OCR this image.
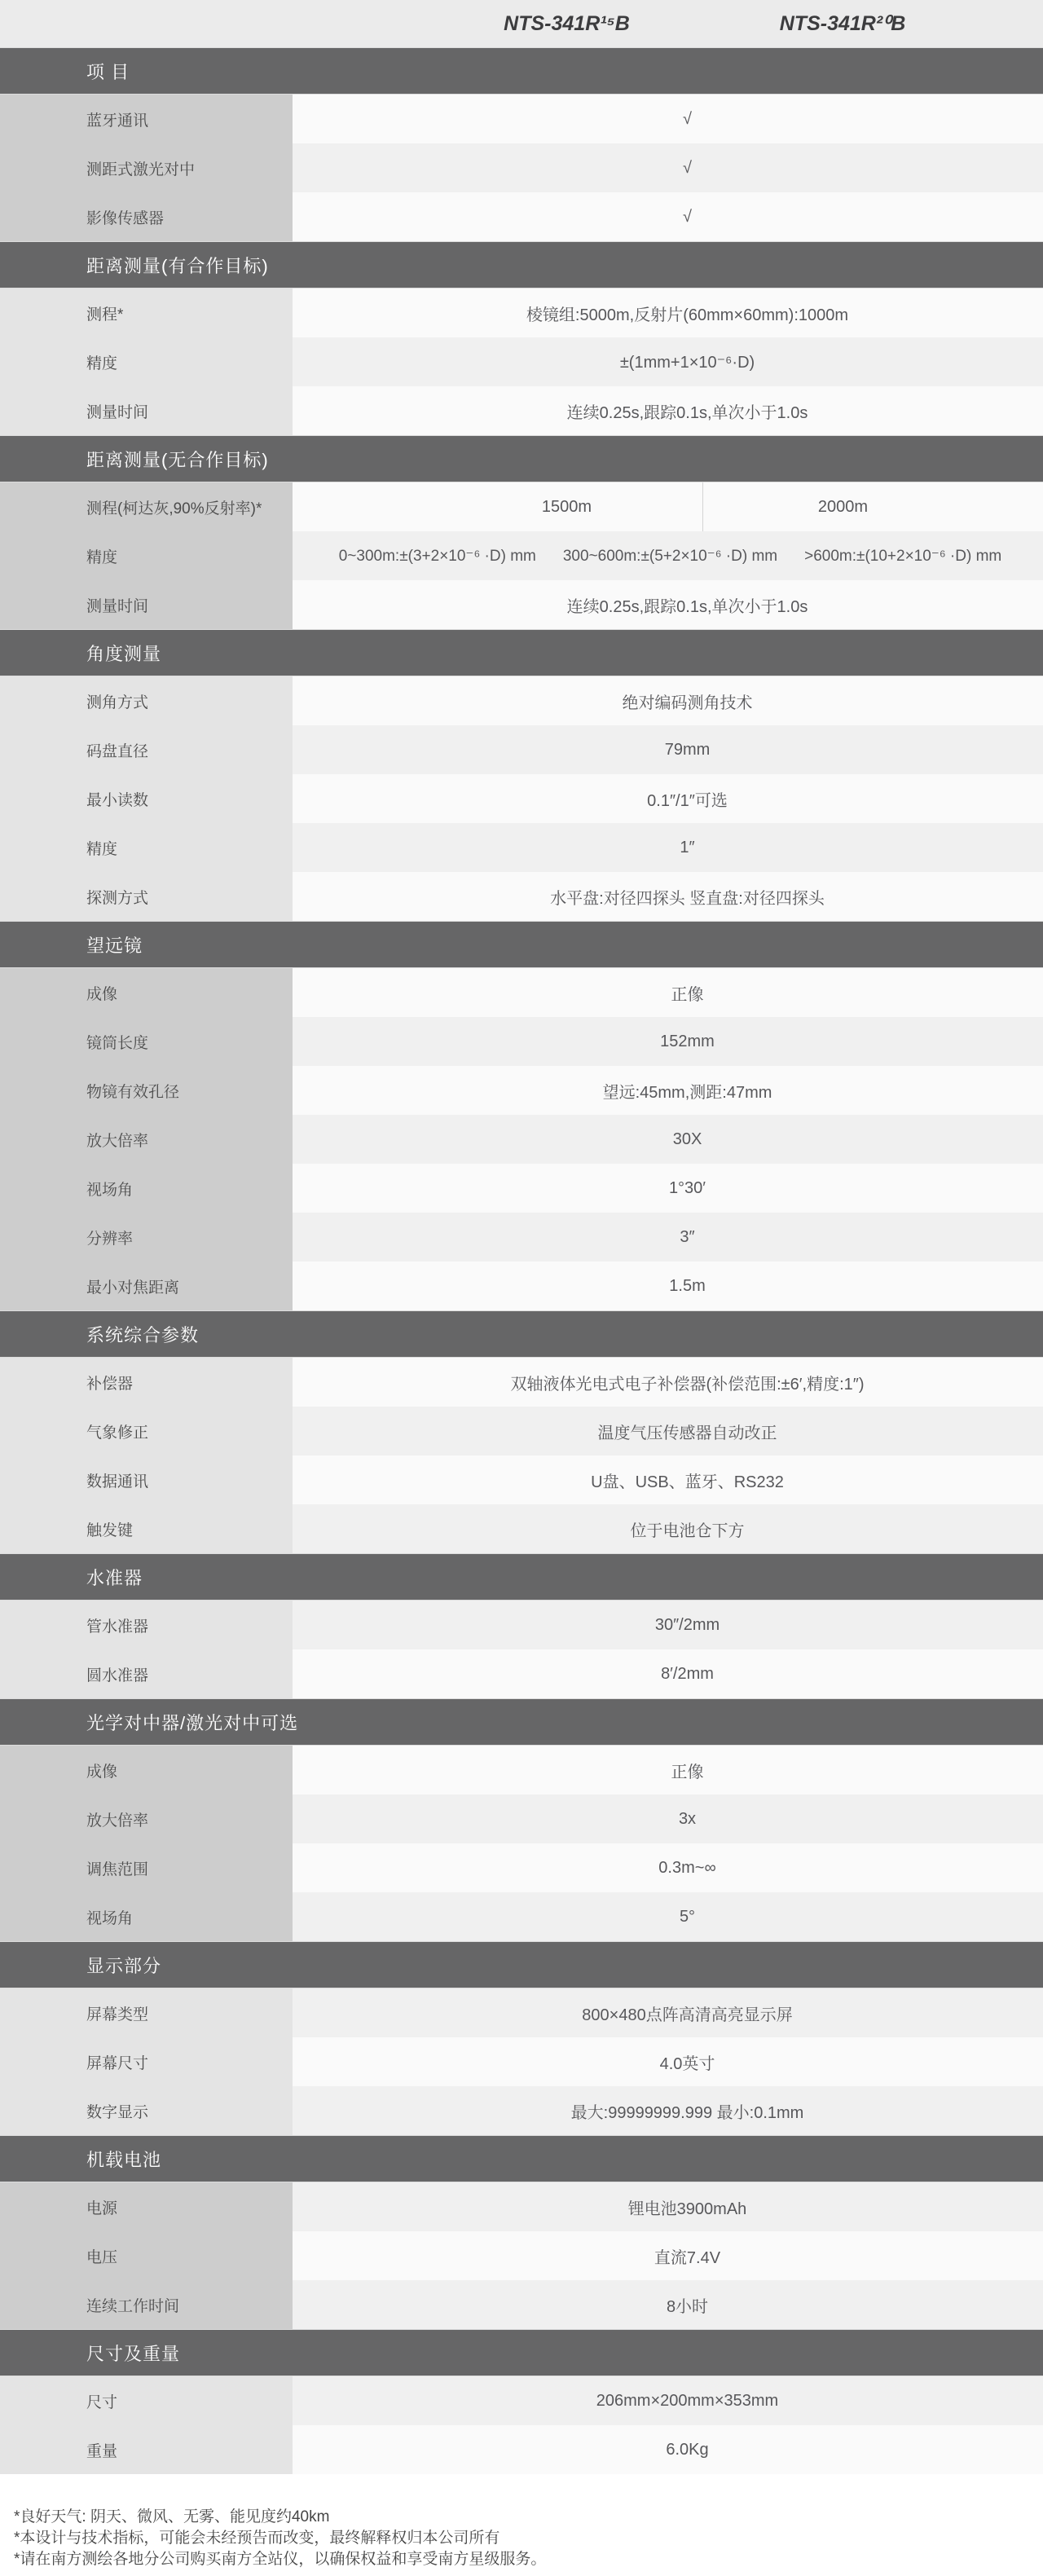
NTS-341R¹⁵B	NTS-341R²⁰B
项 目
蓝牙通讯	√
测距式激光对中	√
影像传感器	√
距离测量(有合作目标)
测程*	棱镜组:5000m,反射片(60mm×60mm):1000m
精度	±(1mm+1×10⁻⁶·D)
测量时间	连续0.25s,跟踪0.1s,单次小于1.0s
距离测量(无合作目标)
测程(柯达灰,90%反射率)*	1500m	2000m
精度	0~300m:±(3+2×10⁻⁶ ·D) mm 300~600m:±(5+2×10⁻⁶ ·D) mm >600m:±(10+2×10⁻⁶ ·D) mm
测量时间	连续0.25s,跟踪0.1s,单次小于1.0s
角度测量
测角方式	绝对编码测角技术
码盘直径	79mm
最小读数	0.1″/1″可选
精度	1″
探测方式	水平盘:对径四探头 竖直盘:对径四探头
望远镜
成像	正像
镜筒长度	152mm
物镜有效孔径	望远:45mm,测距:47mm
放大倍率	30X
视场角	1°30′
分辨率	3″
最小对焦距离	1.5m
系统综合参数
补偿器	双轴液体光电式电子补偿器(补偿范围:±6′,精度:1″)
气象修正	温度气压传感器自动改正
数据通讯	U盘、USB、蓝牙、RS232
触发键	位于电池仓下方
水准器
管水准器	30″/2mm
圆水准器	8′/2mm
光学对中器/激光对中可选
成像	正像
放大倍率	3x
调焦范围	0.3m~∞
视场角	5°
显示部分
屏幕类型	800×480点阵高清高亮显示屏
屏幕尺寸	4.0英寸
数字显示	最大:99999999.999 最小:0.1mm
机载电池
电源	锂电池3900mAh
电压	直流7.4V
连续工作时间	8小时
尺寸及重量
尺寸	206mm×200mm×353mm
重量	6.0Kg
*良好天气: 阴天、微风、无雾、能见度约40km
*本设计与技术指标，可能会未经预告而改变，最终解释权归本公司所有
*请在南方测绘各地分公司购买南方全站仪，以确保权益和享受南方星级服务。
